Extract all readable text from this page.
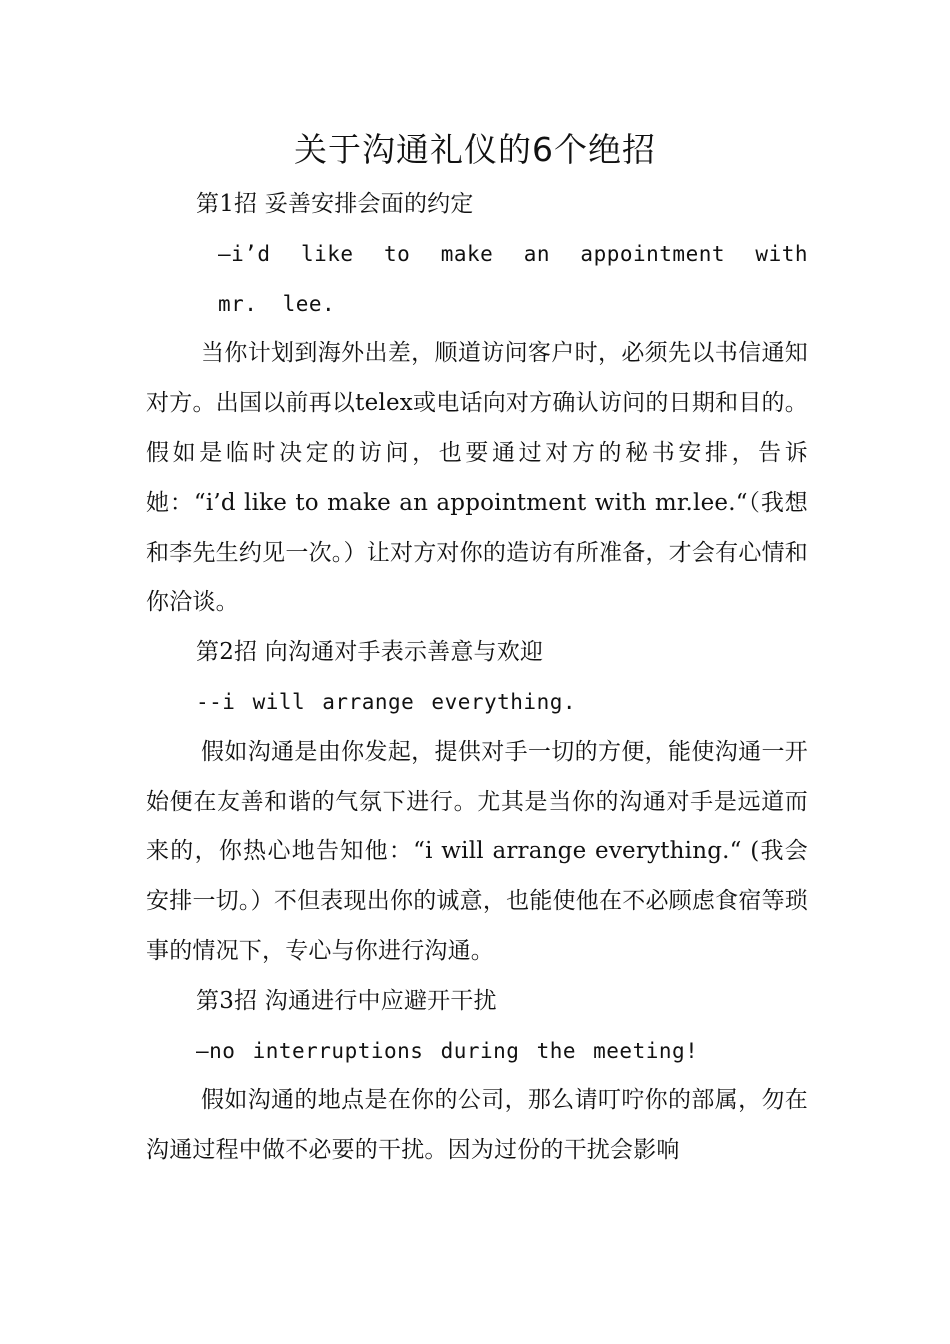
关于沟通礼仪的6个绝招

第1招 妥善安排会面的约定

—i’d like to make an appointment with mr. lee.

当你计划到海外出差，顺道访问客户时，必须先以书信通知对方。出国以前再以telex或电话向对方确认访问的日期和目的。假如是临时决定的访问，也要通过对方的秘书安排，告诉她：“i’d like to make an appointment with mr.lee.“（我想和李先生约见一次。）让对方对你的造访有所准备，才会有心情和你洽谈。

第2招 向沟通对手表示善意与欢迎

--i will arrange everything.

假如沟通是由你发起，提供对手一切的方便，能使沟通一开始便在友善和谐的气氛下进行。尤其是当你的沟通对手是远道而来的，你热心地告知他：“i will arrange everything.“ (我会安排一切。）不但表现出你的诚意，也能使他在不必顾虑食宿等琐事的情况下，专心与你进行沟通。

第3招 沟通进行中应避开干扰

—no interruptions during the meeting!

假如沟通的地点是在你的公司，那么请叮咛你的部属，勿在沟通过程中做不必要的干扰。因为过份的干扰会影响
